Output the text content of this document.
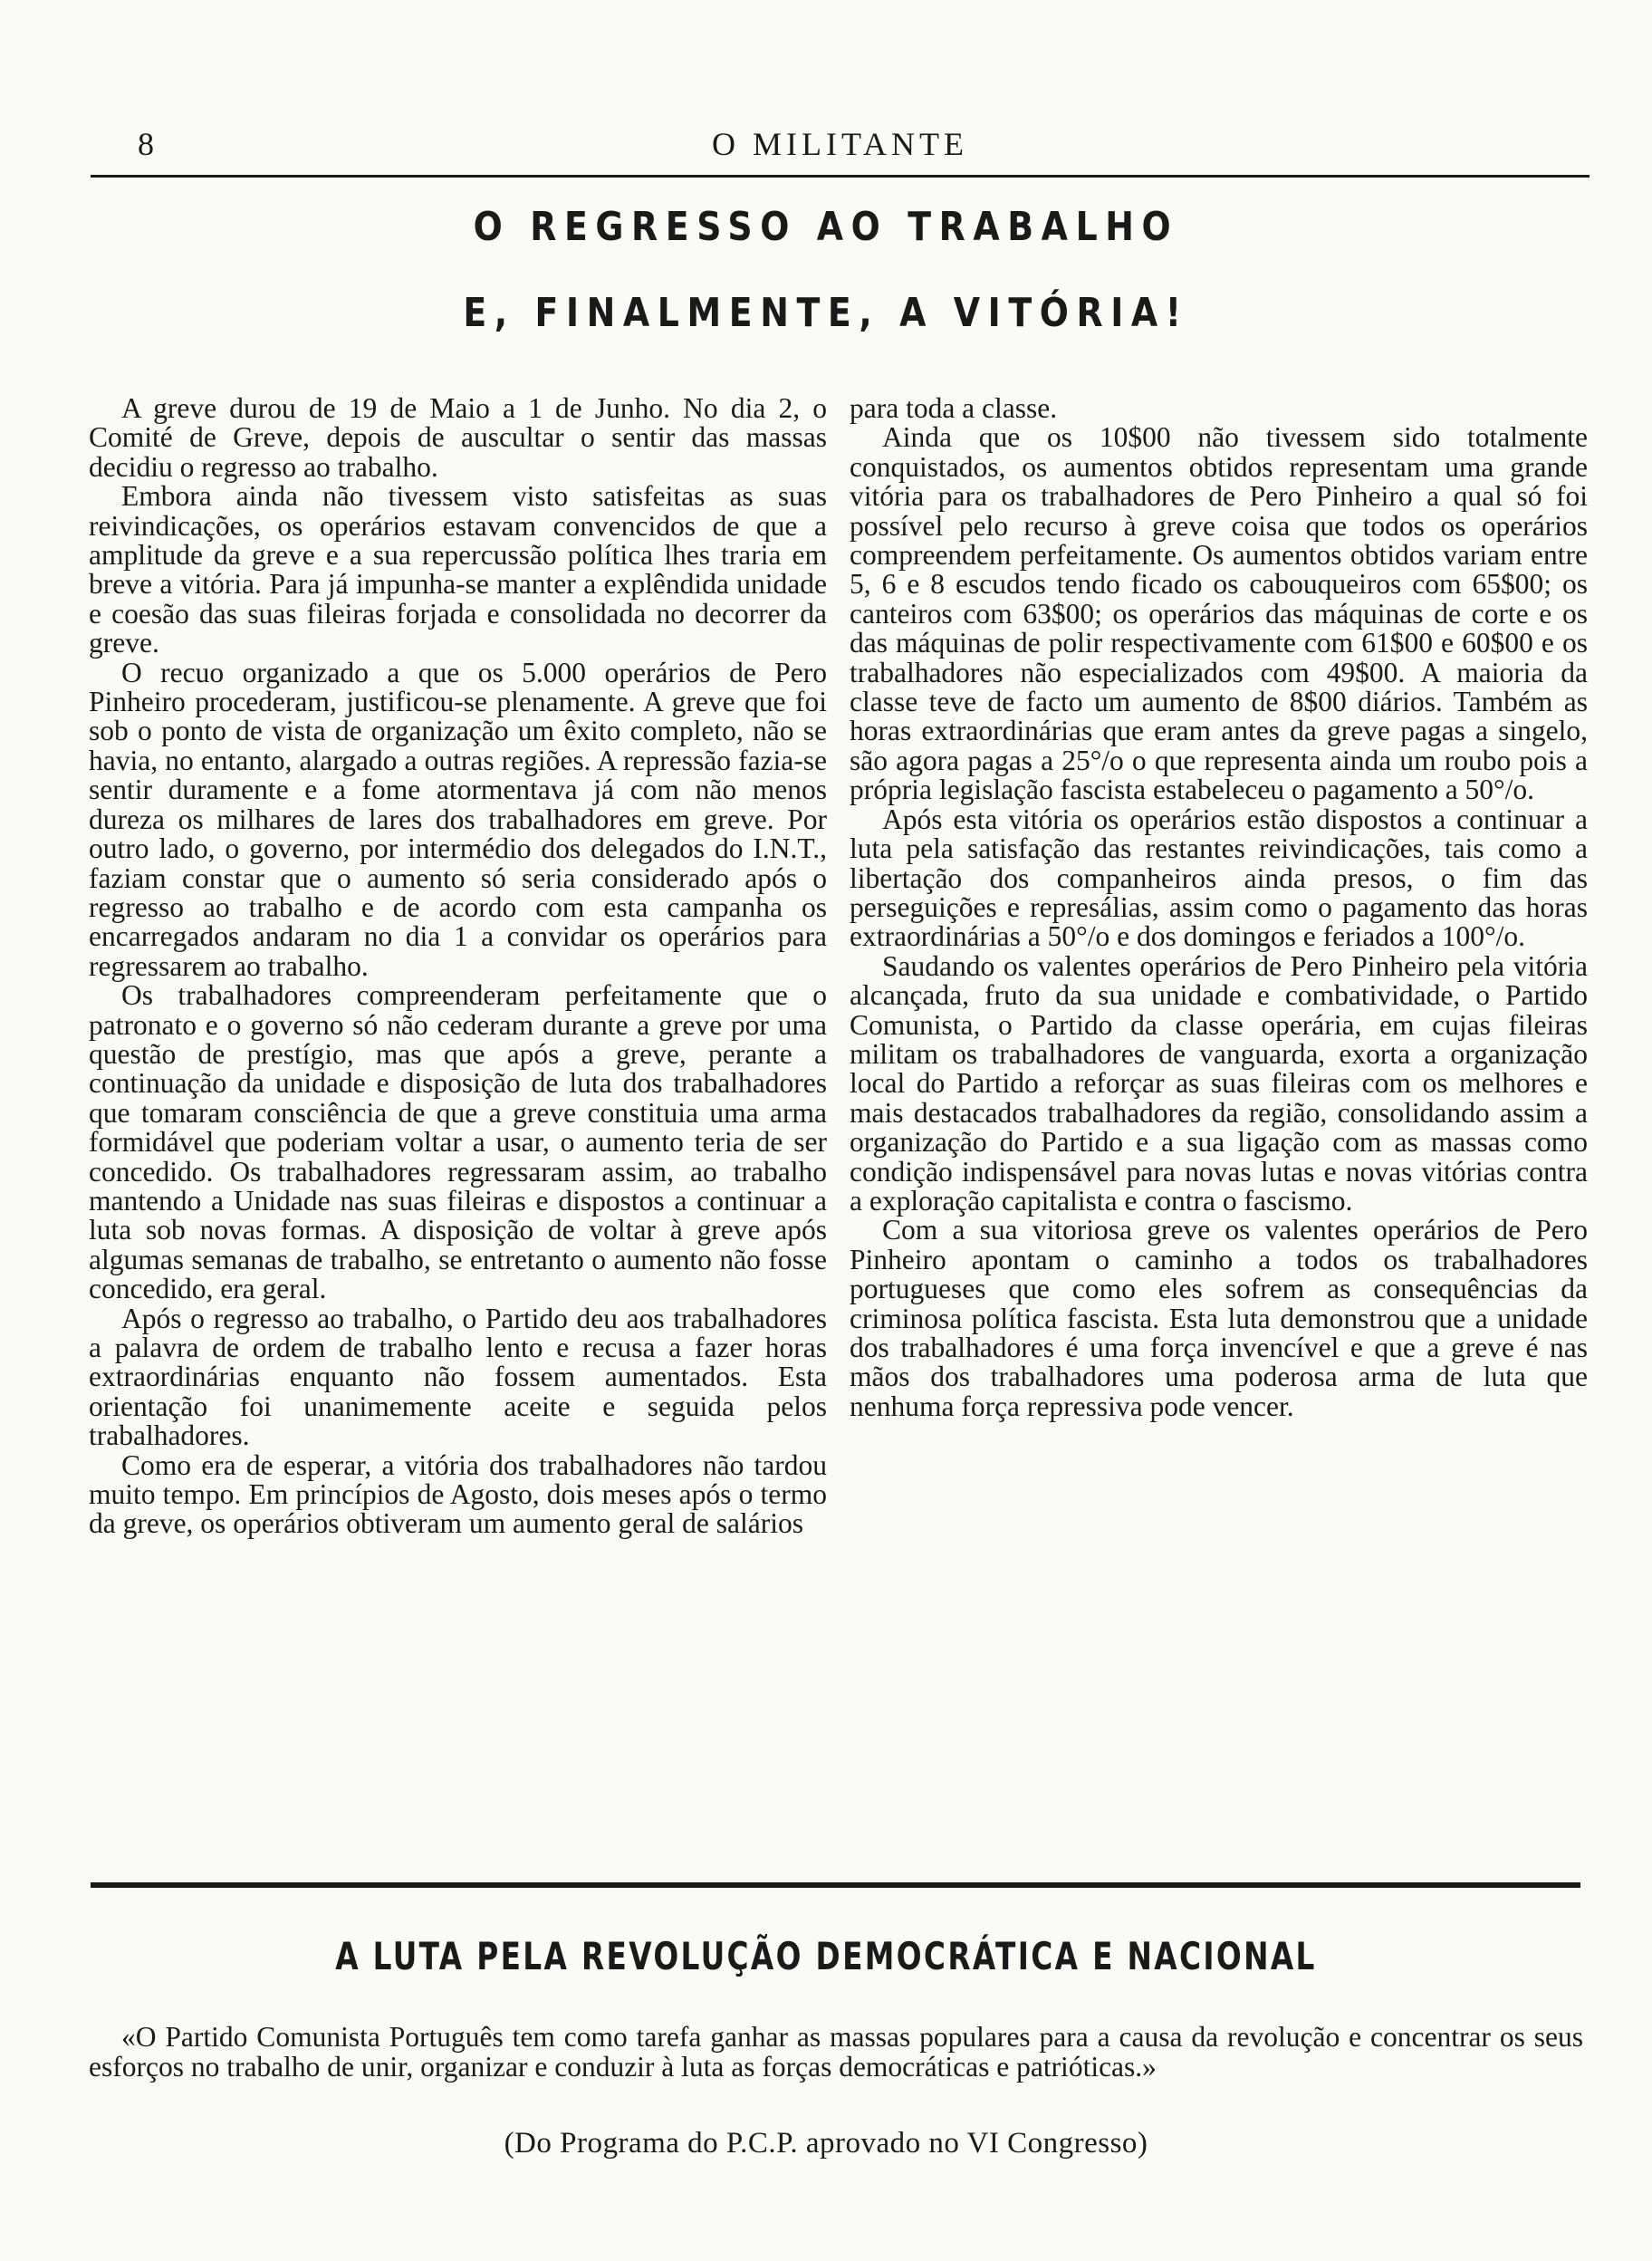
8	O MILITANTE
O REGRESSO AO TRABALHO
E, FINALMENTE, A VITÓRIA!

A greve durou de 19 de Maio a 1 de Junho. No dia 2, o Comité de Greve, depois de auscultar o sentir das massas decidiu o regresso ao trabalho.

Embora ainda não tivessem visto satisfeitas as suas reivindicações, os operários estavam convencidos de que a amplitude da greve e a sua repercussão política lhes traria em breve a vitória. Para já impunha-se manter a explêndida unidade e coesão das suas fileiras forjada e consolidada no decorrer da greve.

O recuo organizado a que os 5.000 operários de Pero Pinheiro procederam, justificou-se plenamente. A greve que foi sob o ponto de vista de organização um êxito completo, não se havia, no entanto, alargado a outras regiões. A repressão fazia-se sentir duramente e a fome atormentava já com não menos dureza os milhares de lares dos trabalhadores em greve. Por outro lado, o governo, por intermédio dos delegados do I.N.T., faziam constar que o aumento só seria considerado após o regresso ao trabalho e de acordo com esta campanha os encarregados andaram no dia 1 a convidar os operários para regressarem ao trabalho.

Os trabalhadores compreenderam perfeitamente que o patronato e o governo só não cederam durante a greve por uma questão de prestígio, mas que após a greve, perante a continuação da unidade e disposição de luta dos trabalhadores que tomaram consciência de que a greve constituia uma arma formidável que poderiam voltar a usar, o aumento teria de ser concedido. Os trabalhadores regressaram assim, ao trabalho mantendo a Unidade nas suas fileiras e dispostos a continuar a luta sob novas formas. A disposição de voltar à greve após algumas semanas de trabalho, se entretanto o aumento não fosse concedido, era geral.

Após o regresso ao trabalho, o Partido deu aos trabalhadores a palavra de ordem de trabalho lento e recusa a fazer horas extraordinárias enquanto não fossem aumentados. Esta orientação foi unanimemente aceite e seguida pelos trabalhadores.

Como era de esperar, a vitória dos trabalhadores não tardou muito tempo. Em princípios de Agosto, dois meses após o termo da greve, os operários obtiveram um aumento geral de salários

para toda a classe.

Ainda que os 10$00 não tivessem sido totalmente conquistados, os aumentos obtidos representam uma grande vitória para os trabalhadores de Pero Pinheiro a qual só foi possível pelo recurso à greve coisa que todos os operários compreendem perfeitamente. Os aumentos obtidos variam entre 5, 6 e 8 escudos tendo ficado os cabouqueiros com 65$00; os canteiros com 63$00; os operários das máquinas de corte e os das máquinas de polir respectivamente com 61$00 e 60$00 e os trabalhadores não especializados com 49$00. A maioria da classe teve de facto um aumento de 8$00 diários. Também as horas extraordinárias que eram antes da greve pagas a singelo, são agora pagas a 25°/o o que representa ainda um roubo pois a própria legislação fascista estabeleceu o pagamento a 50°/o.

Após esta vitória os operários estão dispostos a continuar a luta pela satisfação das restantes reivindicações, tais como a libertação dos companheiros ainda presos, o fim das perseguições e represálias, assim como o pagamento das horas extraordinárias a 50°/o e dos domingos e feriados a 100°/o.

Saudando os valentes operários de Pero Pinheiro pela vitória alcançada, fruto da sua unidade e combatividade, o Partido Comunista, o Partido da classe operária, em cujas fileiras militam os trabalhadores de vanguarda, exorta a organização local do Partido a reforçar as suas fileiras com os melhores e mais destacados trabalhadores da região, consolidando assim a organização do Partido e a sua ligação com as massas como condição indispensável para novas lutas e novas vitórias contra a exploração capitalista e contra o fascismo.

Com a sua vitoriosa greve os valentes operários de Pero Pinheiro apontam o caminho a todos os trabalhadores portugueses que como eles sofrem as consequências da criminosa política fascista. Esta luta demonstrou que a unidade dos trabalhadores é uma força invencível e que a greve é nas mãos dos trabalhadores uma poderosa arma de luta que nenhuma força repressiva pode vencer.

A LUTA PELA REVOLUÇÃO DEMOCRÁTICA E NACIONAL

«O Partido Comunista Português tem como tarefa ganhar as massas populares para a causa da revolução e concentrar os seus esforços no trabalho de unir, organizar e conduzir à luta as forças democráticas e patrióticas.»

(Do Programa do P.C.P. aprovado no VI Congresso)
